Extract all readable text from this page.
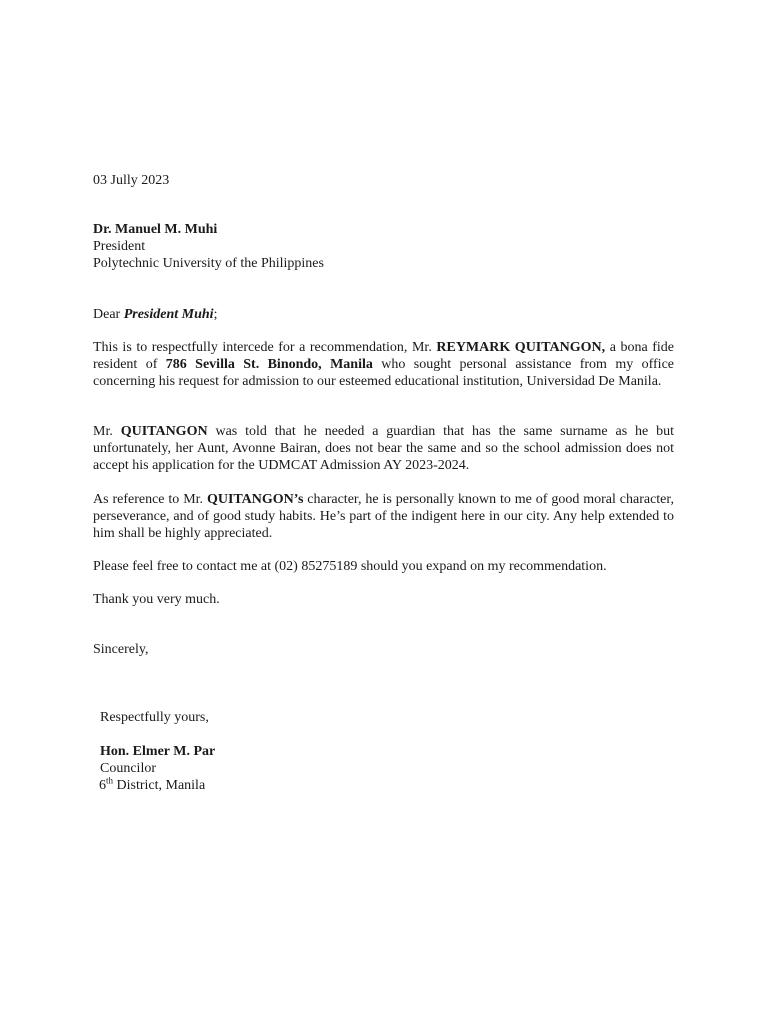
03 Jully 2023

Dr. Manuel M. Muhi

President

Polytechnic University of the Philippines

Dear President Muhi;

This is to respectfully intercede for a recommendation, Mr. REYMARK QUITANGON, a bona fide resident of 786 Sevilla St. Binondo, Manila who sought personal assistance from my office concerning his request for admission to our esteemed educational institution, Universidad De Manila.

Mr. QUITANGON was told that he needed a guardian that has the same surname as he but unfortunately, her Aunt, Avonne Bairan, does not bear the same and so the school admission does not accept his application for the UDMCAT Admission AY 2023-2024.

As reference to Mr. QUITANGON’s character, he is personally known to me of good moral character, perseverance, and of good study habits. He’s part of the indigent here in our city. Any help extended to him shall be highly appreciated.

Please feel free to contact me at (02) 85275189 should you expand on my recommendation.

Thank you very much.

Sincerely,

Respectfully yours,

Hon. Elmer M. Par

Councilor

6th District, Manila
